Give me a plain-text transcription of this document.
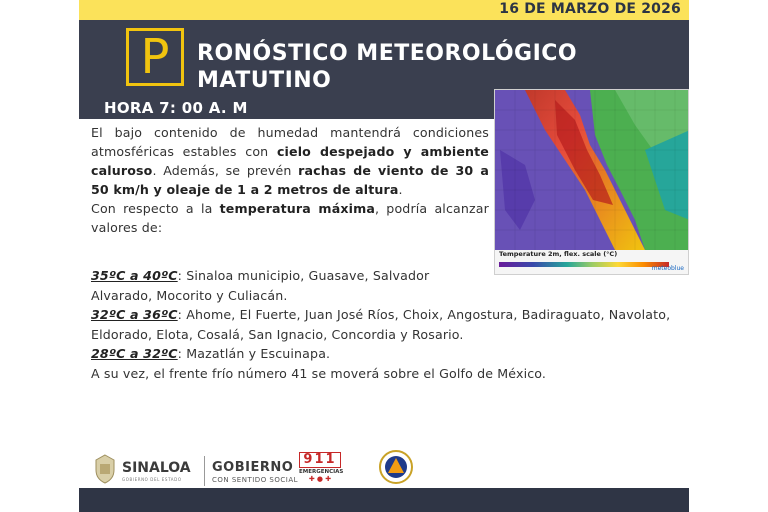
16 DE MARZO DE 2026
P	RONÓSTICO METEOROLÓGICO
MATUTINO
HORA 7: 00 A. M
Temperature 2m, flex. scale (°C)
meteoblue
El bajo contenido de humedad mantendrá condiciones atmosféricas estables con cielo despejado y ambiente caluroso. Además, se prevén rachas de viento de 30 a 50 km/h y oleaje de 1 a 2 metros de altura.
Con respecto a la temperatura máxima, podría alcanzar valores de:
35ºC a 40ºC: Sinaloa municipio, Guasave, Salvador Alvarado, Mocorito y Culiacán.
32ºC a 36ºC: Ahome, El Fuerte, Juan José Ríos, Choix, Angostura, Badiraguato, Navolato, Eldorado, Elota, Cosalá, San Ignacio, Concordia y Rosario.
28ºC a 32ºC: Mazatlán y Escuinapa.
A su vez, el frente frío número 41 se moverá sobre el Golfo de México.
SINALOA
GOBIERNO DEL ESTADO
GOBIERNO
CON SENTIDO SOCIAL
911
EMERGENCIAS
✚ ● ✚
